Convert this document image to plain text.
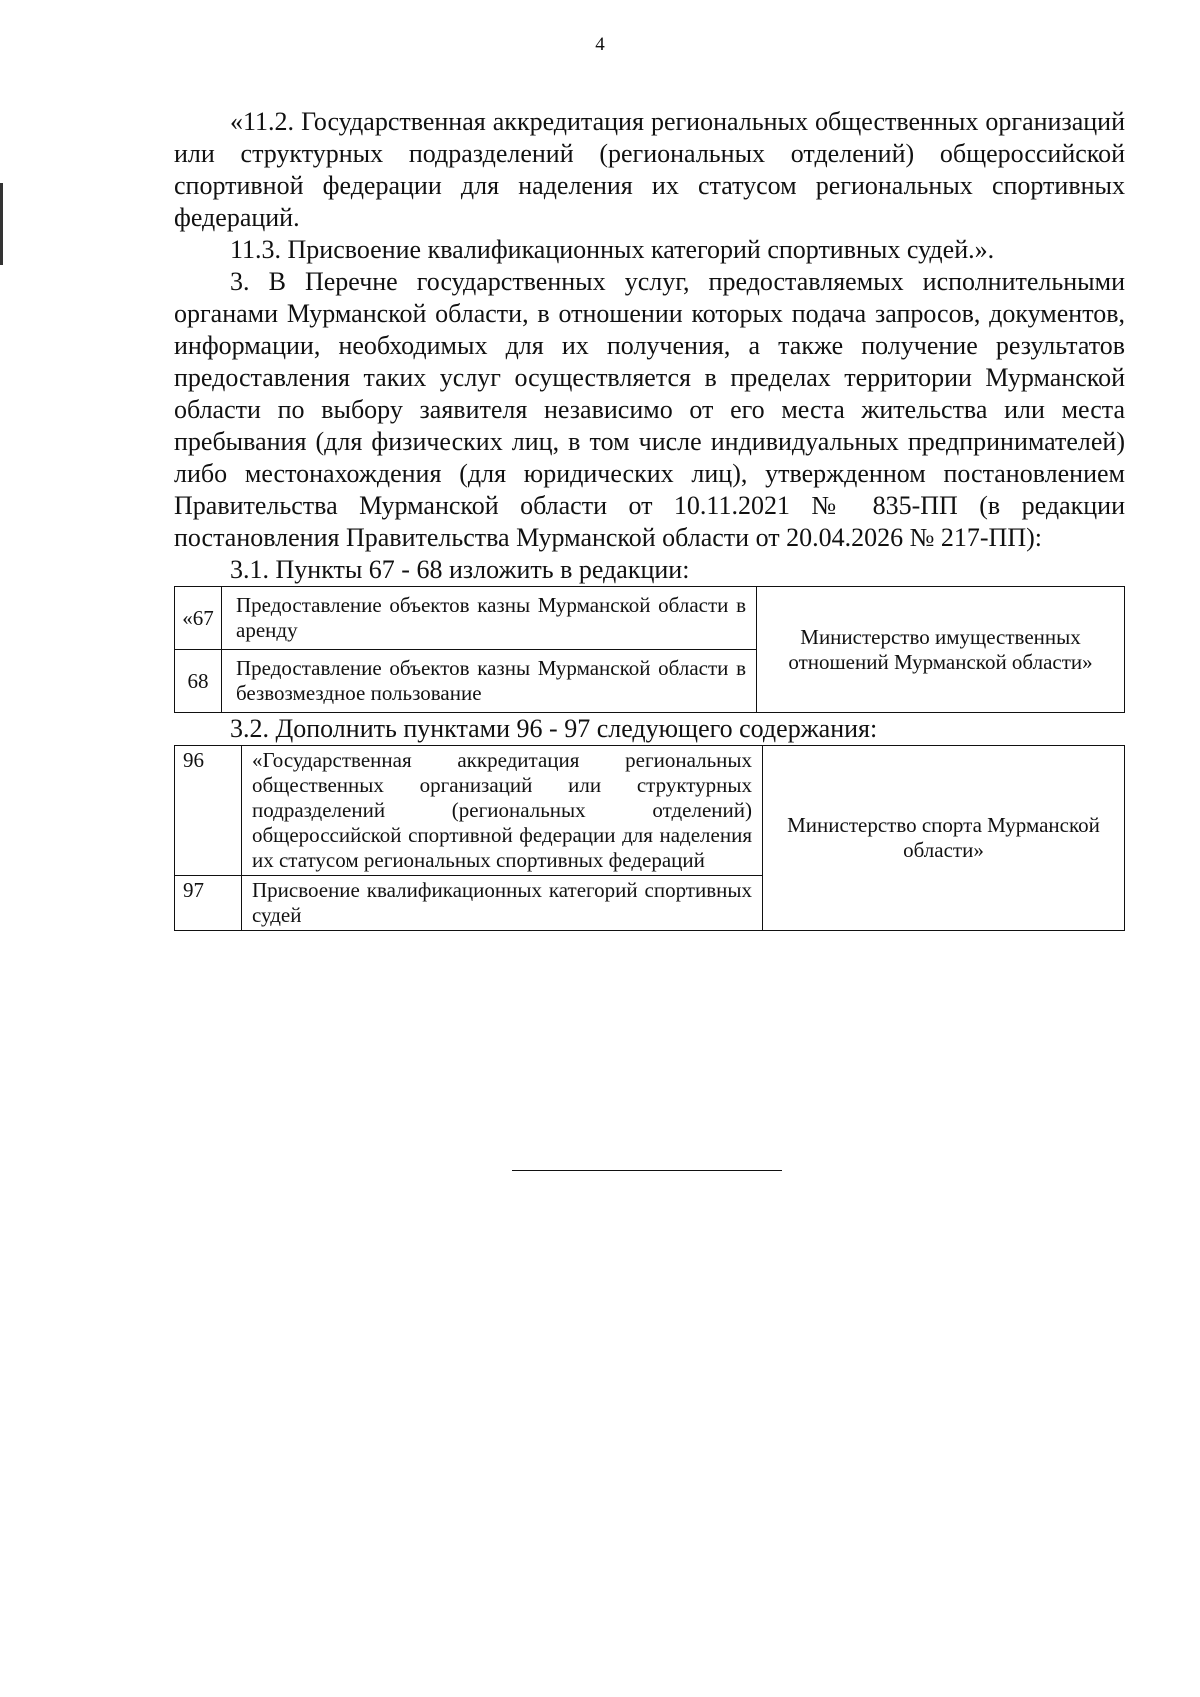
4

«11.2. Государственная аккредитация региональных общественных организаций или структурных подразделений (региональных отделений) общероссийской спортивной федерации для наделения их статусом региональных спортивных федераций.

11.3. Присвоение квалификационных категорий спортивных судей.».

3. В Перечне государственных услуг, предоставляемых исполнительными органами Мурманской области, в отношении которых подача запросов, документов, информации, необходимых для их получения, а также получение результатов предоставления таких услуг осуществляется в пределах территории Мурманской области по выбору заявителя независимо от его места жительства или места пребывания (для физических лиц, в том числе индивидуальных предпринимателей) либо местонахождения (для юридических лиц), утвержденном постановлением Правительства Мурманской области от 10.11.2021 № 835-ПП (в редакции постановления Правительства Мурманской области от 20.04.2026 № 217-ПП):

3.1. Пункты 67 - 68 изложить в редакции:

«67	Предоставление объектов казны Мурманской области в аренду	Министерство имущественных отношений Мурманской области»
68	Предоставление объектов казны Мурманской области в безвозмездное пользование	

3.2. Дополнить пунктами 96 - 97 следующего содержания:

96	«Государственная аккредитация региональных общественных организаций или структурных подразделений (региональных отделений) общероссийской спортивной федерации для наделения их статусом региональных спортивных федераций	Министерство спорта Мурманской области»
97	Присвоение квалификационных категорий спортивных судей	
